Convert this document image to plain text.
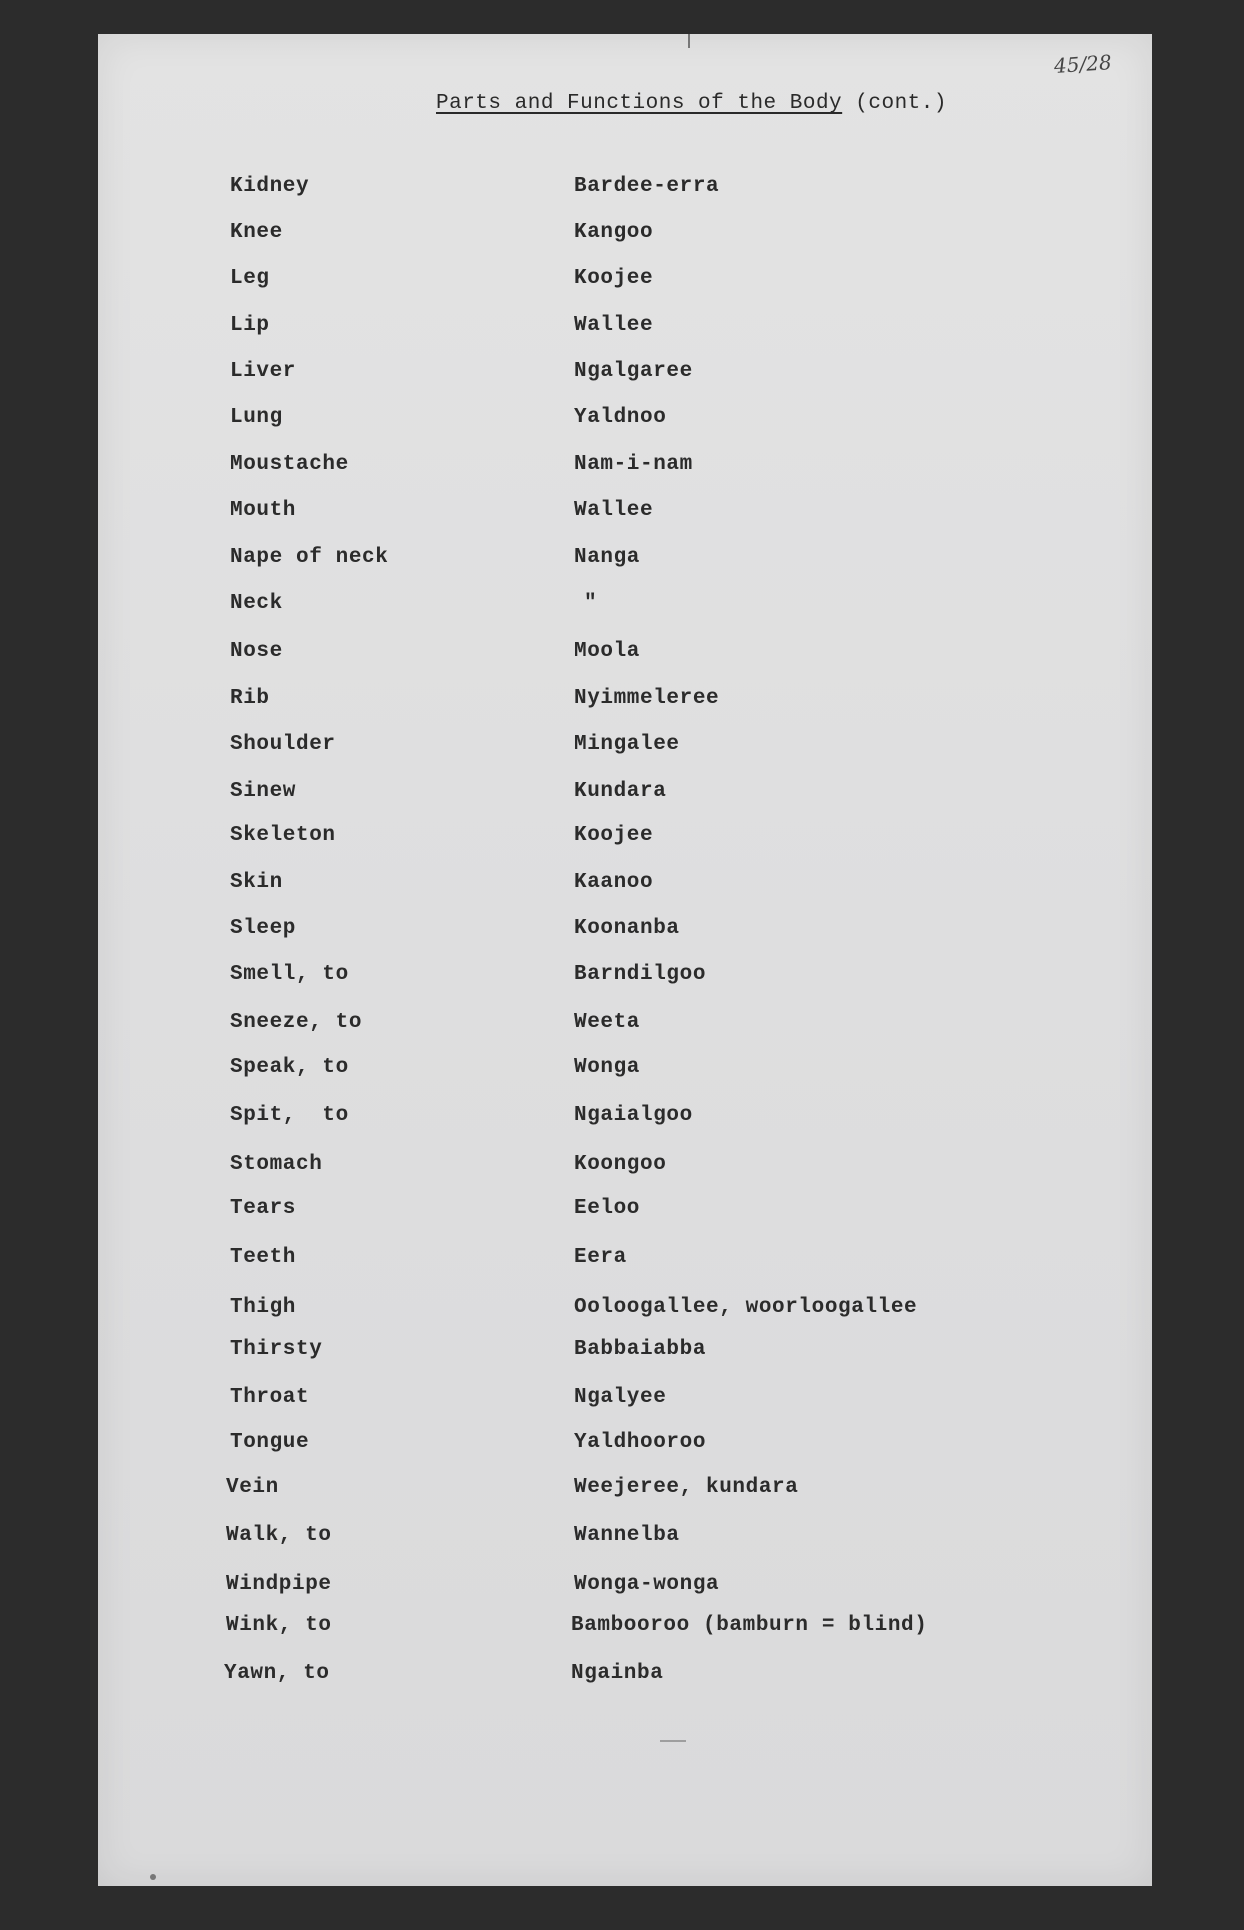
45/28
Parts and Functions of the Body (cont.)
Kidney	Bardee-erra
Knee	Kangoo
Leg	Koojee
Lip	Wallee
Liver	Ngalgaree
Lung	Yaldnoo
Moustache	Nam-i-nam
Mouth	Wallee
Nape of neck	Nanga
Neck	"
Nose	Moola
Rib	Nyimmeleree
Shoulder	Mingalee
Sinew	Kundara
Skeleton	Koojee
Skin	Kaanoo
Sleep	Koonanba
Smell, to	Barndilgoo
Sneeze, to	Weeta
Speak, to	Wonga
Spit,  to	Ngaialgoo
Stomach	Koongoo
Tears	Eeloo
Teeth	Eera
Thigh	Ooloogallee, woorloogallee
Thirsty	Babbaiabba
Throat	Ngalyee
Tongue	Yaldhooroo
Vein	Weejeree, kundara
Walk, to	Wannelba
Windpipe	Wonga-wonga
Wink, to	Bambooroo (bamburn = blind)
Yawn, to	Ngainba
